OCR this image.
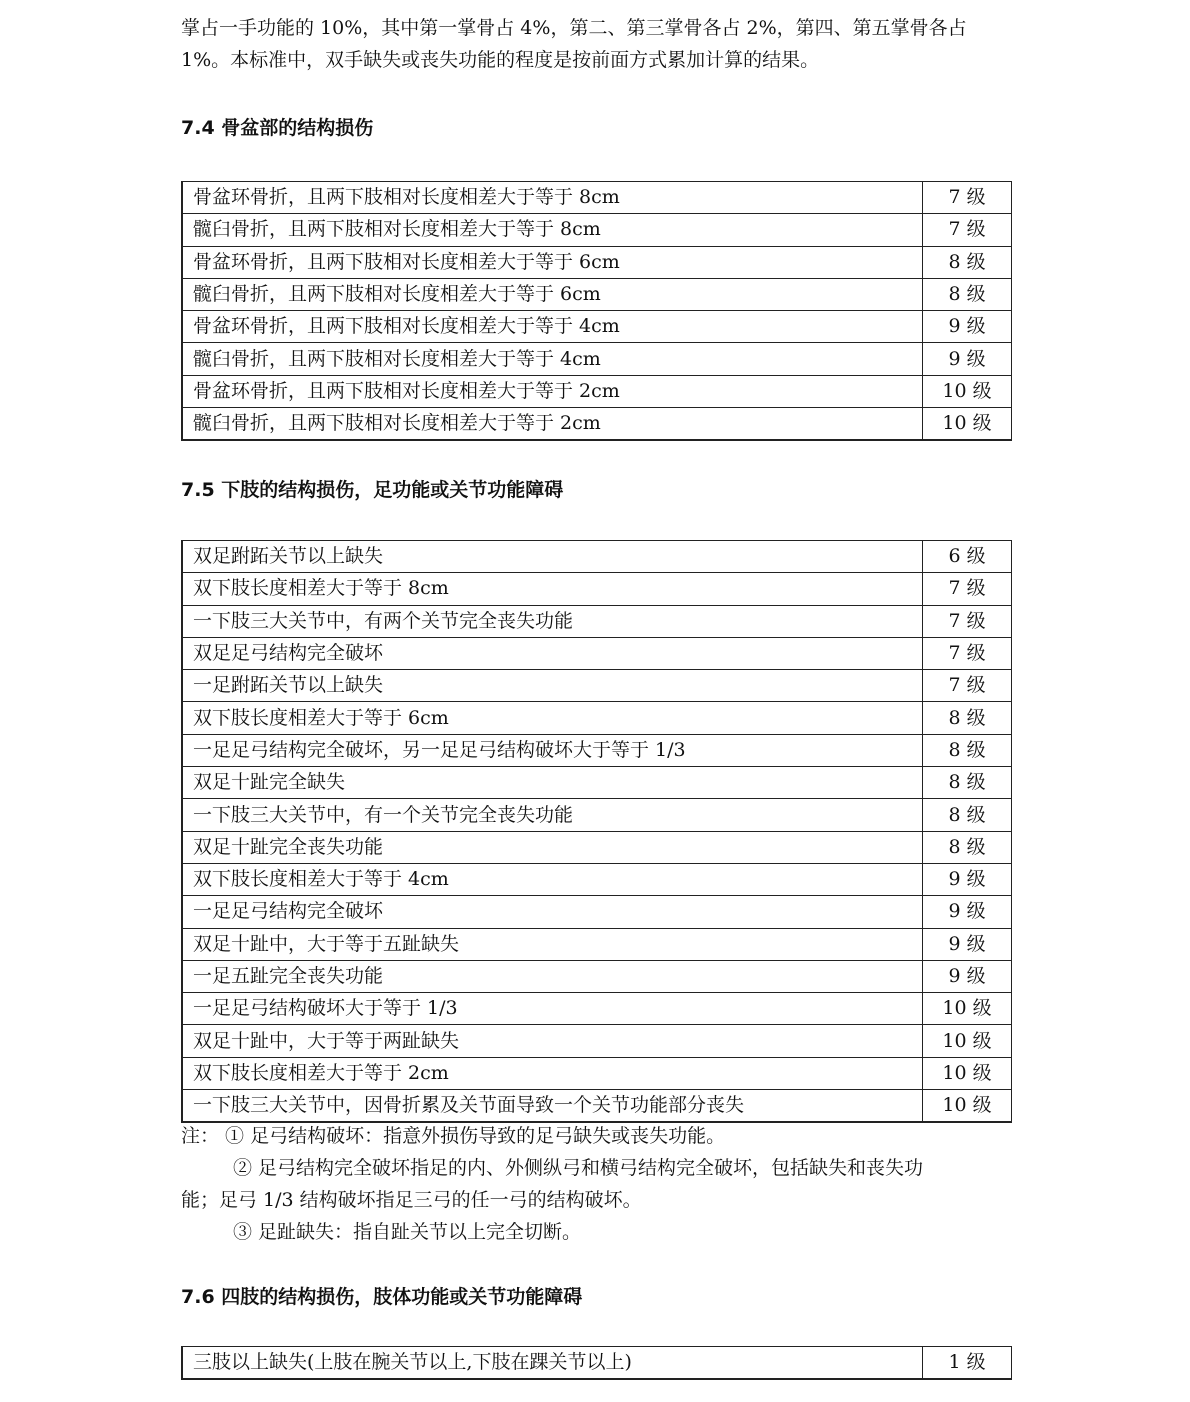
掌占一手功能的 10%，其中第一掌骨占 4%，第二、第三掌骨各占 2%，第四、第五掌骨各占

1%。本标准中，双手缺失或丧失功能的程度是按前面方式累加计算的结果。

7.4 骨盆部的结构损伤
骨盆环骨折，且两下肢相对长度相差大于等于 8cm	7 级
髋臼骨折，且两下肢相对长度相差大于等于 8cm	7 级
骨盆环骨折，且两下肢相对长度相差大于等于 6cm	8 级
髋臼骨折，且两下肢相对长度相差大于等于 6cm	8 级
骨盆环骨折，且两下肢相对长度相差大于等于 4cm	9 级
髋臼骨折，且两下肢相对长度相差大于等于 4cm	9 级
骨盆环骨折，且两下肢相对长度相差大于等于 2cm	10 级
髋臼骨折，且两下肢相对长度相差大于等于 2cm	10 级
7.5 下肢的结构损伤，足功能或关节功能障碍
双足跗跖关节以上缺失	6 级
双下肢长度相差大于等于 8cm	7 级
一下肢三大关节中，有两个关节完全丧失功能	7 级
双足足弓结构完全破坏	7 级
一足跗跖关节以上缺失	7 级
双下肢长度相差大于等于 6cm	8 级
一足足弓结构完全破坏，另一足足弓结构破坏大于等于 1/3	8 级
双足十趾完全缺失	8 级
一下肢三大关节中，有一个关节完全丧失功能	8 级
双足十趾完全丧失功能	8 级
双下肢长度相差大于等于 4cm	9 级
一足足弓结构完全破坏	9 级
双足十趾中，大于等于五趾缺失	9 级
一足五趾完全丧失功能	9 级
一足足弓结构破坏大于等于 1/3	10 级
双足十趾中，大于等于两趾缺失	10 级
双下肢长度相差大于等于 2cm	10 级
一下肢三大关节中，因骨折累及关节面导致一个关节功能部分丧失	10 级

注： ① 足弓结构破坏：指意外损伤导致的足弓缺失或丧失功能。

② 足弓结构完全破坏指足的内、外侧纵弓和横弓结构完全破坏，包括缺失和丧失功

能；足弓 1/3 结构破坏指足三弓的任一弓的结构破坏。

③ 足趾缺失：指自趾关节以上完全切断。

7.6 四肢的结构损伤，肢体功能或关节功能障碍
三肢以上缺失(上肢在腕关节以上,下肢在踝关节以上)	1 级
